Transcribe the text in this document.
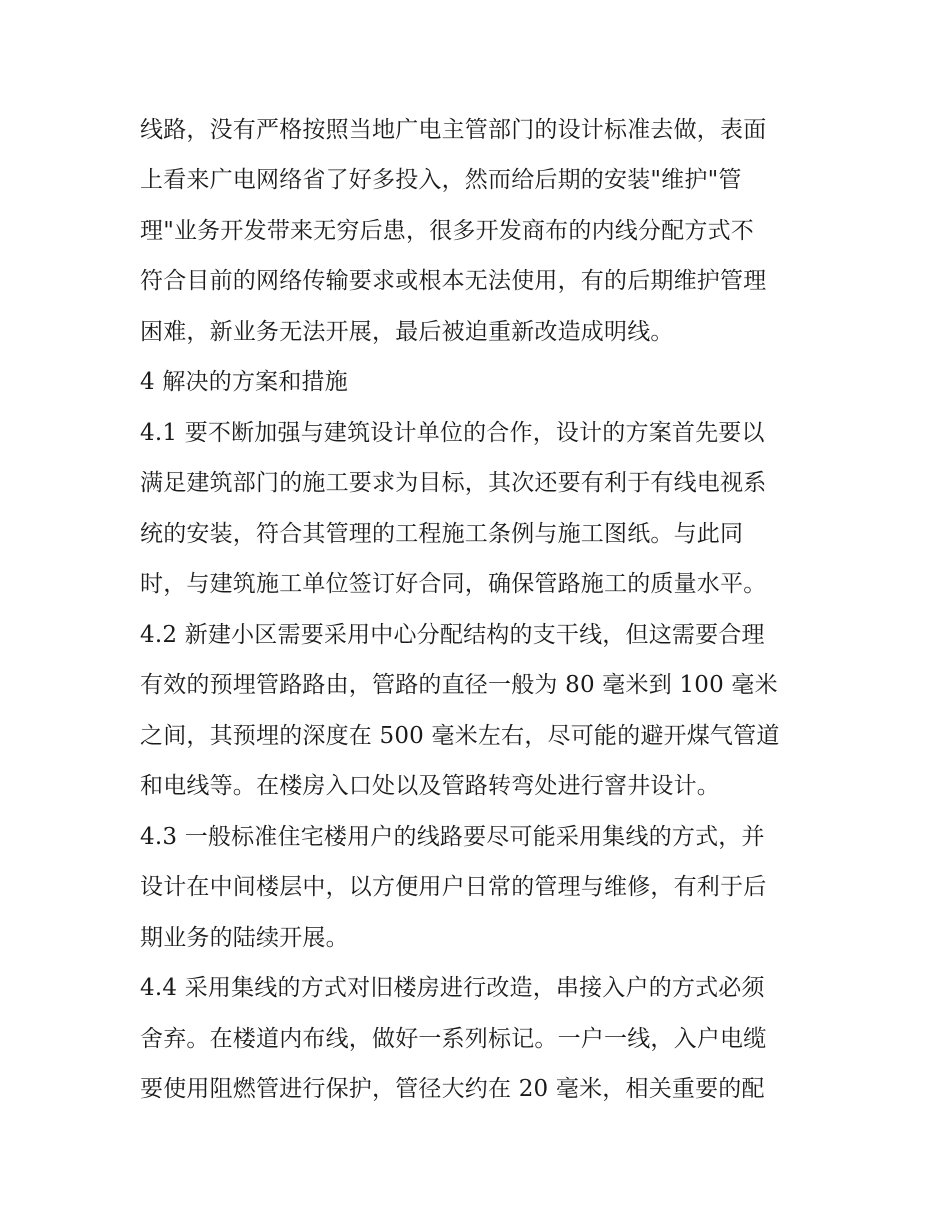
线路，没有严格按照当地广电主管部门的设计标准去做，表面
上看来广电网络省了好多投入，然而给后期的安装"维护"管
理"业务开发带来无穷后患，很多开发商布的内线分配方式不
符合目前的网络传输要求或根本无法使用，有的后期维护管理
困难，新业务无法开展，最后被迫重新改造成明线。
4 解决的方案和措施
4.1 要不断加强与建筑设计单位的合作，设计的方案首先要以
满足建筑部门的施工要求为目标，其次还要有利于有线电视系
统的安装，符合其管理的工程施工条例与施工图纸。与此同
时，与建筑施工单位签订好合同，确保管路施工的质量水平。
4.2 新建小区需要采用中心分配结构的支干线，但这需要合理
有效的预埋管路路由，管路的直径一般为 80 毫米到 100 毫米
之间，其预埋的深度在 500 毫米左右，尽可能的避开煤气管道
和电线等。在楼房入口处以及管路转弯处进行窨井设计。
4.3 一般标准住宅楼用户的线路要尽可能采用集线的方式，并
设计在中间楼层中，以方便用户日常的管理与维修，有利于后
期业务的陆续开展。
4.4 采用集线的方式对旧楼房进行改造，串接入户的方式必须
舍弃。在楼道内布线，做好一系列标记。一户一线，入户电缆
要使用阻燃管进行保护，管径大约在 20 毫米，相关重要的配
